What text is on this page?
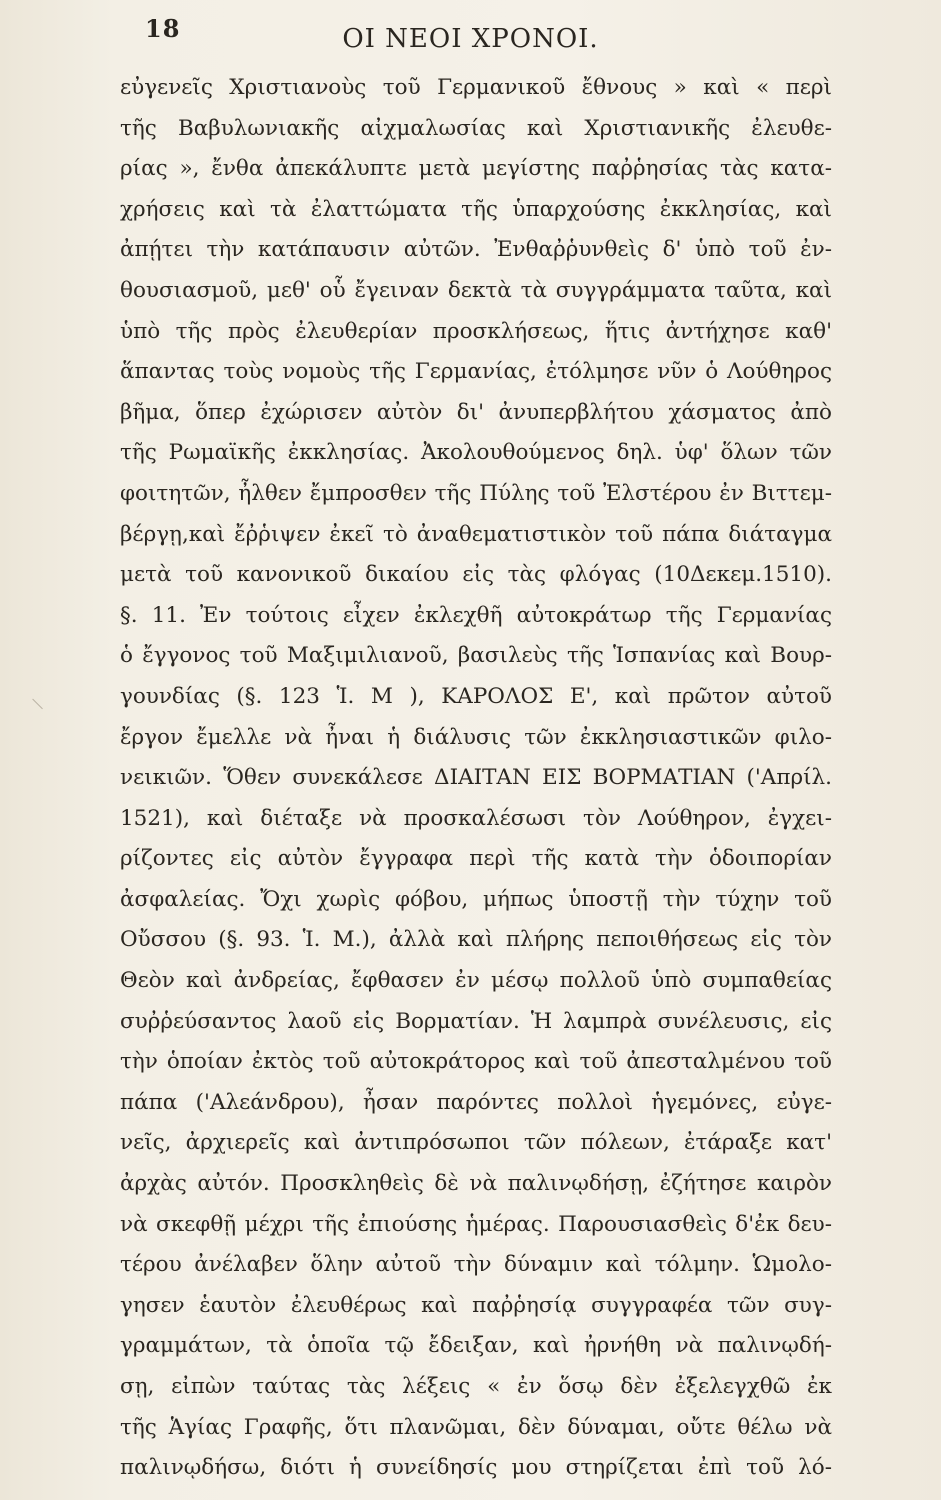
18	ΟΙ ΝΕΟΙ ΧΡΟΝΟΙ.
εὐγενεῖς Χριστιανοὺς τοῦ Γερμανικοῦ ἔθνους » καὶ « περὶ
τῆς Βαβυλωνιακῆς αἰχμαλωσίας καὶ Χριστιανικῆς ἐλευθε-
ρίας », ἔνθα ἀπεκάλυπτε μετὰ μεγίστης παῤῥησίας τὰς κατα-
χρήσεις καὶ τὰ ἐλαττώματα τῆς ὑπαρχούσης ἐκκλησίας, καὶ
ἀπῄτει τὴν κατάπαυσιν αὐτῶν. Ἐνθαῤῥυνθεὶς δ' ὑπὸ τοῦ ἐν-
θουσιασμοῦ, μεθ' οὗ ἔγειναν δεκτὰ τὰ συγγράμματα ταῦτα, καὶ
ὑπὸ τῆς πρὸς ἐλευθερίαν προσκλήσεως, ἥτις ἀντήχησε καθ'
ἅπαντας τοὺς νομοὺς τῆς Γερμανίας, ἐτόλμησε νῦν ὁ Λούθηρος
βῆμα, ὅπερ ἐχώρισεν αὐτὸν δι' ἀνυπερβλήτου χάσματος ἀπὸ
τῆς Ρωμαϊκῆς ἐκκλησίας. Ἀκολουθούμενος δηλ. ὑφ' ὅλων τῶν
φοιτητῶν, ἦλθεν ἔμπροσθεν τῆς Πύλης τοῦ Ἐλστέρου ἐν Βιττεμ-
βέργῃ,καὶ ἔῤῥιψεν ἐκεῖ τὸ ἀναθεματιστικὸν τοῦ πάπα διάταγμα
μετὰ τοῦ κανονικοῦ δικαίου εἰς τὰς φλόγας (10Δεκεμ.1510).
§. 11. Ἐν τούτοις εἶχεν ἐκλεχθῆ αὐτοκράτωρ τῆς Γερμανίας
ὁ ἔγγονος τοῦ Μαξιμιλιανοῦ, βασιλεὺς τῆς Ἱσπανίας καὶ Βουρ-
γουνδίας (§. 123 Ἱ. Μ ), ΚΑΡΟΛΟΣ Ε', καὶ πρῶτον αὐτοῦ
ἔργον ἔμελλε νὰ ἦναι ἡ διάλυσις τῶν ἐκκλησιαστικῶν φιλο-
νεικιῶν. Ὅθεν συνεκάλεσε ΔΙΑΙΤΑΝ ΕΙΣ ΒΟΡΜΑΤΙΑΝ ('Απρίλ.
1521), καὶ διέταξε νὰ προσκαλέσωσι τὸν Λούθηρον, ἐγχει-
ρίζοντες εἰς αὐτὸν ἔγγραφα περὶ τῆς κατὰ τὴν ὁδοιπορίαν
ἀσφαλείας. Ὄχι χωρὶς φόβου, μήπως ὑποστῇ τὴν τύχην τοῦ
Οὔσσου (§. 93. Ἱ. Μ.), ἀλλὰ καὶ πλήρης πεποιθήσεως εἰς τὸν
Θεὸν καὶ ἀνδρείας, ἔφθασεν ἐν μέσῳ πολλοῦ ὑπὸ συμπαθείας
συῤῥεύσαντος λαοῦ εἰς Βορματίαν. Ἡ λαμπρὰ συνέλευσις, εἰς
τὴν ὁποίαν ἐκτὸς τοῦ αὐτοκράτορος καὶ τοῦ ἀπεσταλμένου τοῦ
πάπα ('Αλεάνδρου), ἦσαν παρόντες πολλοὶ ἡγεμόνες, εὐγε-
νεῖς, ἀρχιερεῖς καὶ ἀντιπρόσωποι τῶν πόλεων, ἐτάραξε κατ'
ἀρχὰς αὐτόν. Προσκληθεὶς δὲ νὰ παλινῳδήσῃ, ἐζήτησε καιρὸν
νὰ σκεφθῇ μέχρι τῆς ἐπιούσης ἡμέρας. Παρουσιασθεὶς δ'ἐκ δευ-
τέρου ἀνέλαβεν ὅλην αὐτοῦ τὴν δύναμιν καὶ τόλμην. Ὡμολο-
γησεν ἑαυτὸν ἐλευθέρως καὶ παῤῥησίᾳ συγγραφέα τῶν συγ-
γραμμάτων, τὰ ὁποῖα τῷ ἔδειξαν, καὶ ἠρνήθη νὰ παλινῳδή-
σῃ, εἰπὼν ταύτας τὰς λέξεις « ἐν ὅσῳ δὲν ἐξελεγχθῶ ἐκ
τῆς Ἁγίας Γραφῆς, ὅτι πλανῶμαι, δὲν δύναμαι, οὔτε θέλω νὰ
παλινῳδήσω, διότι ἡ συνείδησίς μου στηρίζεται ἐπὶ τοῦ λό-
